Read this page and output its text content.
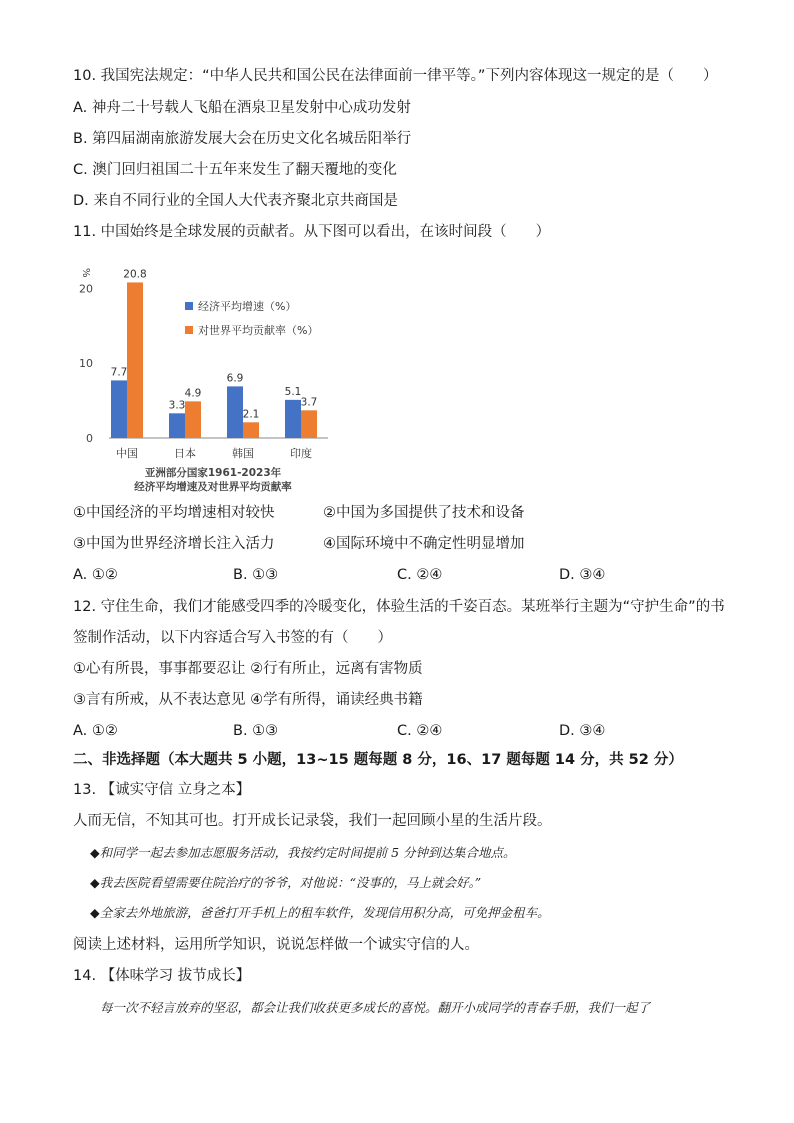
10. 我国宪法规定：“中华人民共和国公民在法律面前一律平等。”下列内容体现这一规定的是（　　）
A. 神舟二十号载人飞船在酒泉卫星发射中心成功发射
B. 第四届湖南旅游发展大会在历史文化名城岳阳举行
C. 澳门回归祖国二十五年来发生了翻天覆地的变化
D. 来自不同行业的全国人大代表齐聚北京共商国是
11. 中国始终是全球发展的贡献者。从下图可以看出，在该时间段（　　）
%
0
10
20
7.7
20.8
中国
3.3
4.9
日本
6.9
2.1
韩国
5.1
3.7
印度
经济平均增速（%）
对世界平均贡献率（%）
亚洲部分国家1961-2023年
经济平均增速及对世界平均贡献率
①中国经济的平均增速相对较快	②中国为多国提供了技术和设备
③中国为世界经济增长注入活力	④国际环境中不确定性明显增加
A. ①②	B. ①③	C. ②④	D. ③④
12. 守住生命，我们才能感受四季的冷暖变化，体验生活的千姿百态。某班举行主题为“守护生命”的书
签制作活动，以下内容适合写入书签的有（　　）
①心有所畏，事事都要忍让 ②行有所止，远离有害物质
③言有所戒，从不表达意见 ④学有所得，诵读经典书籍
A. ①②	B. ①③	C. ②④	D. ③④
二、非选择题（本大题共 5 小题，13~15 题每题 8 分，16、17 题每题 14 分，共 52 分）
13. 【诚实守信 立身之本】
人而无信，不知其可也。打开成长记录袋，我们一起回顾小星的生活片段。
◆和同学一起去参加志愿服务活动，我按约定时间提前 5 分钟到达集合地点。
◆我去医院看望需要住院治疗的爷爷，对他说：“没事的，马上就会好。”
◆全家去外地旅游，爸爸打开手机上的租车软件，发现信用积分高，可免押金租车。
阅读上述材料，运用所学知识，说说怎样做一个诚实守信的人。
14. 【体味学习 拔节成长】
每一次不轻言放弃的坚忍，都会让我们收获更多成长的喜悦。翻开小成同学的青春手册，我们一起了
